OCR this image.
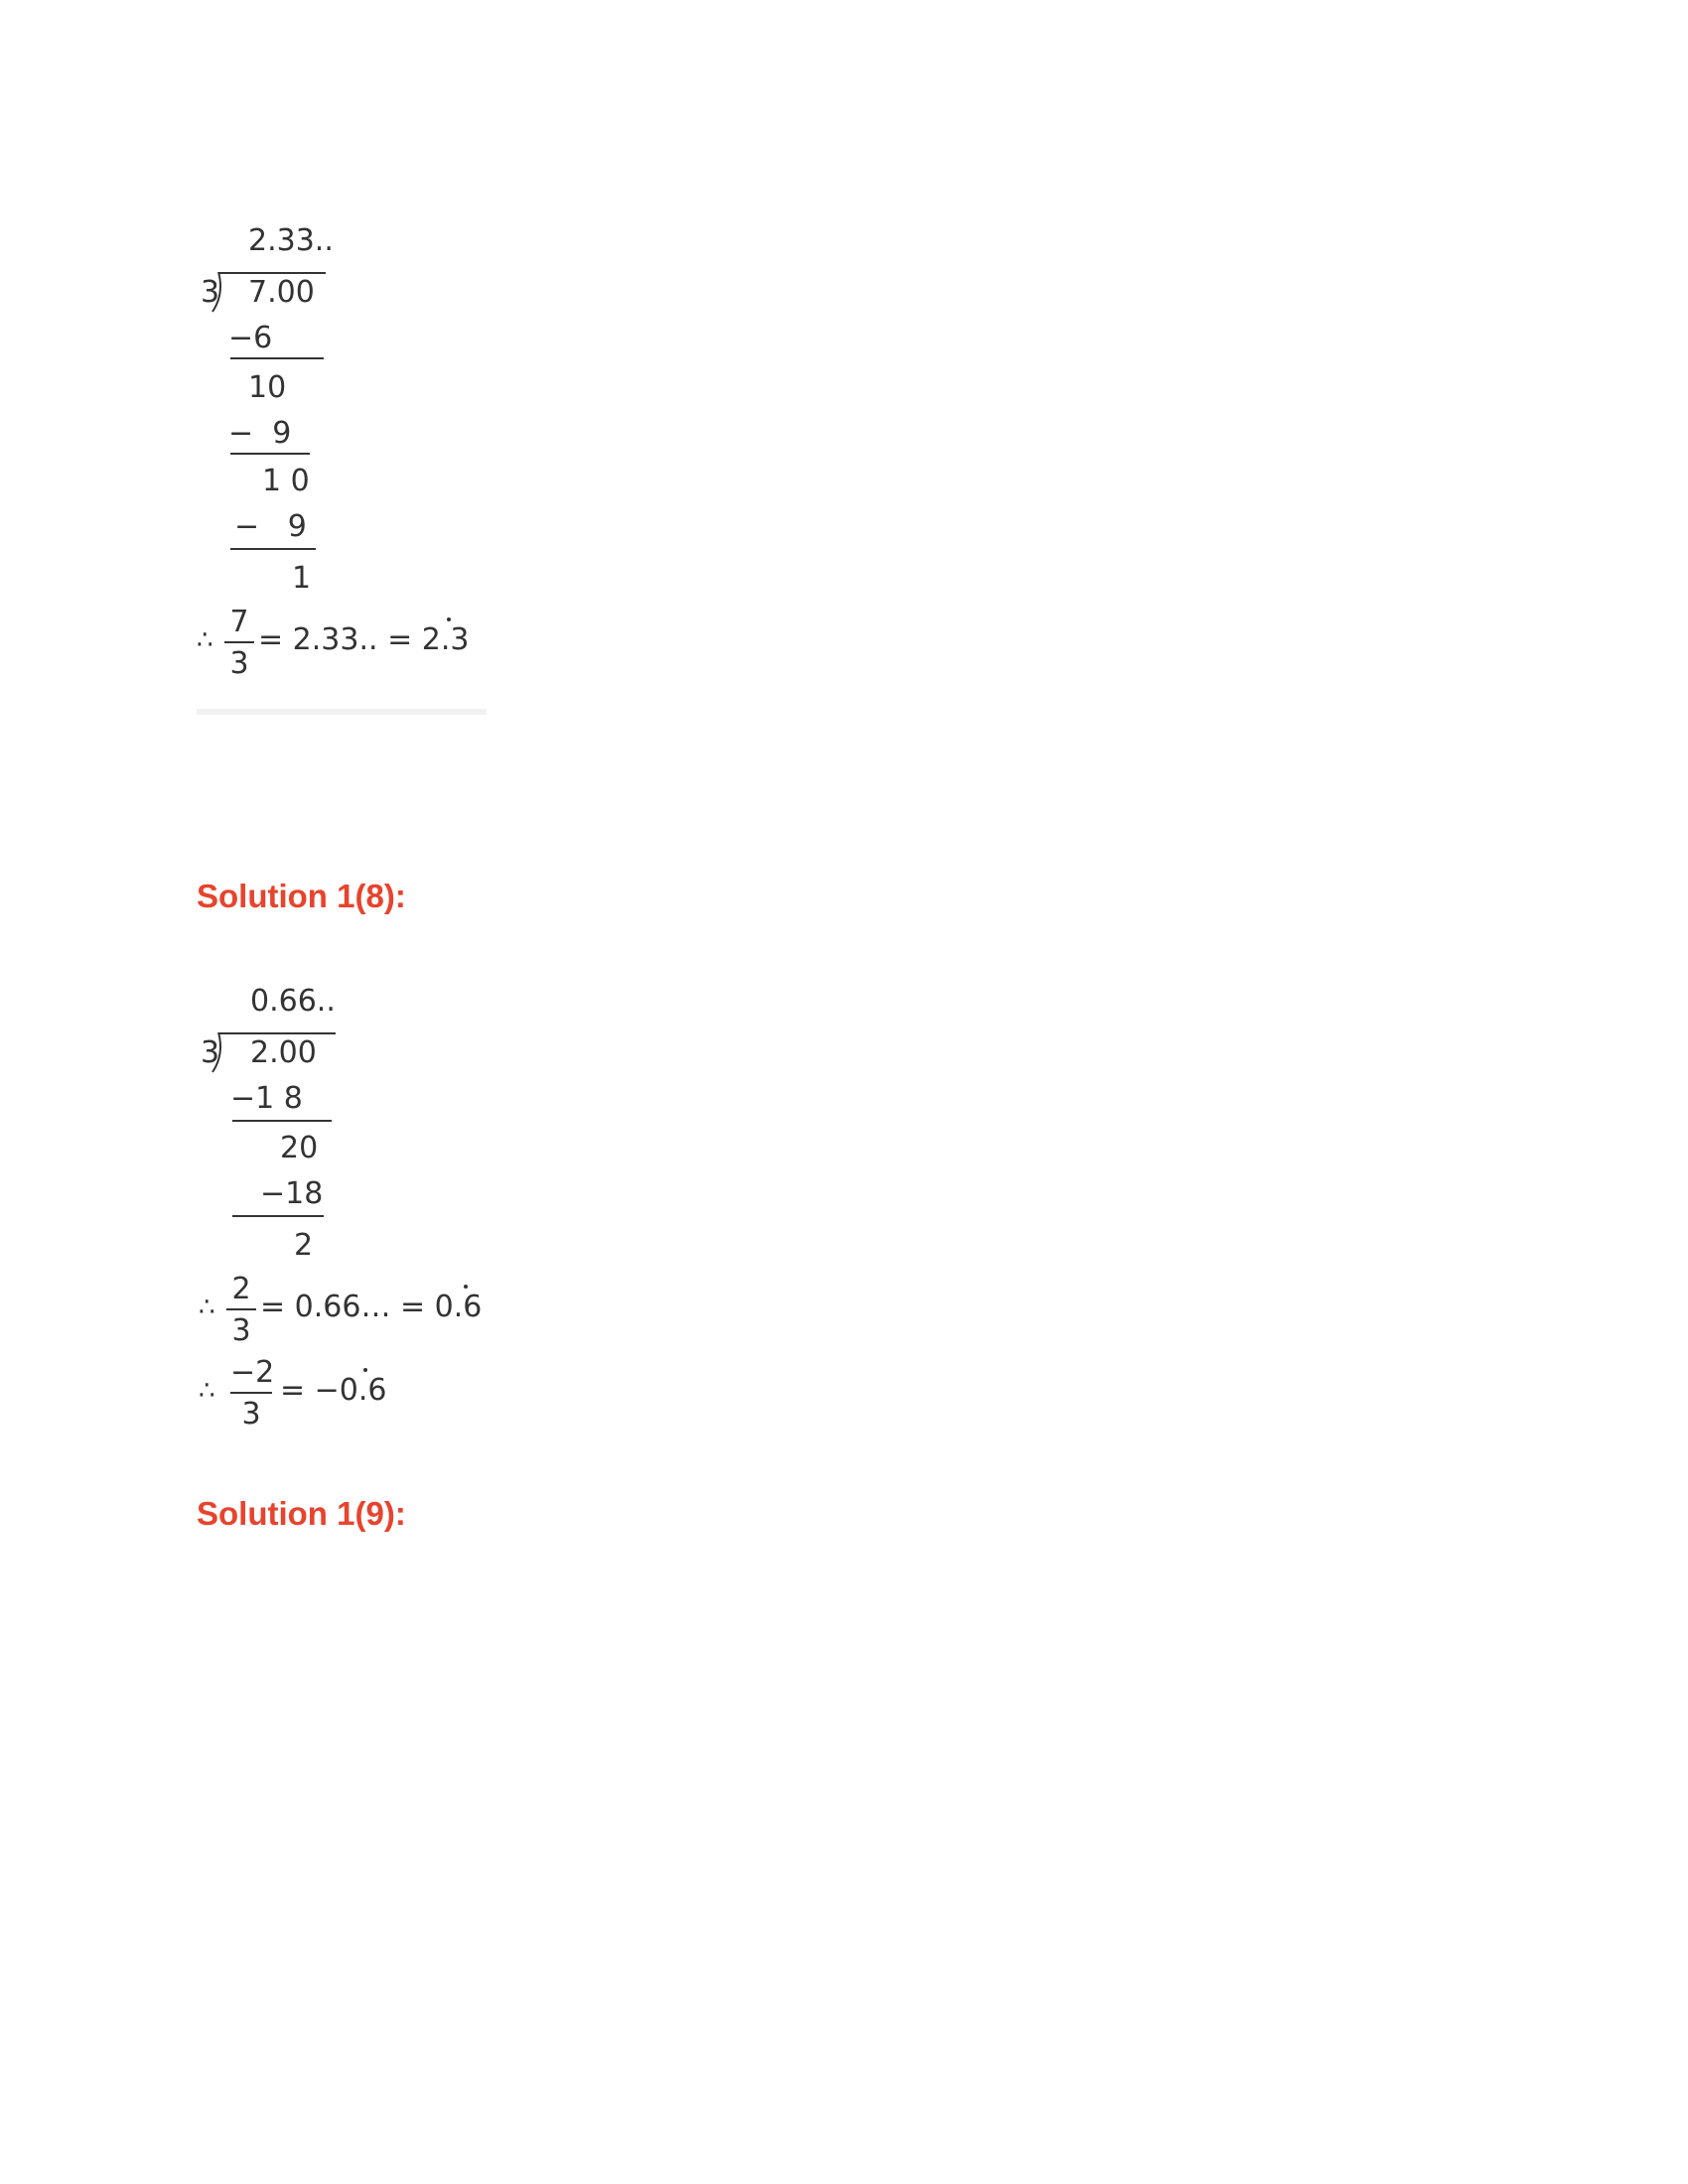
2.33..
3 7.00
−6
10
−  9
1 0
−   9
1
∴
7
3
= 2.33.. = 2.3
Solution 1(8):
0.66..
3 2.00
−1 8
20
−18
2
∴
2
3
= 0.66… = 0.6
∴
−2
3
= −0.6
Solution 1(9):
